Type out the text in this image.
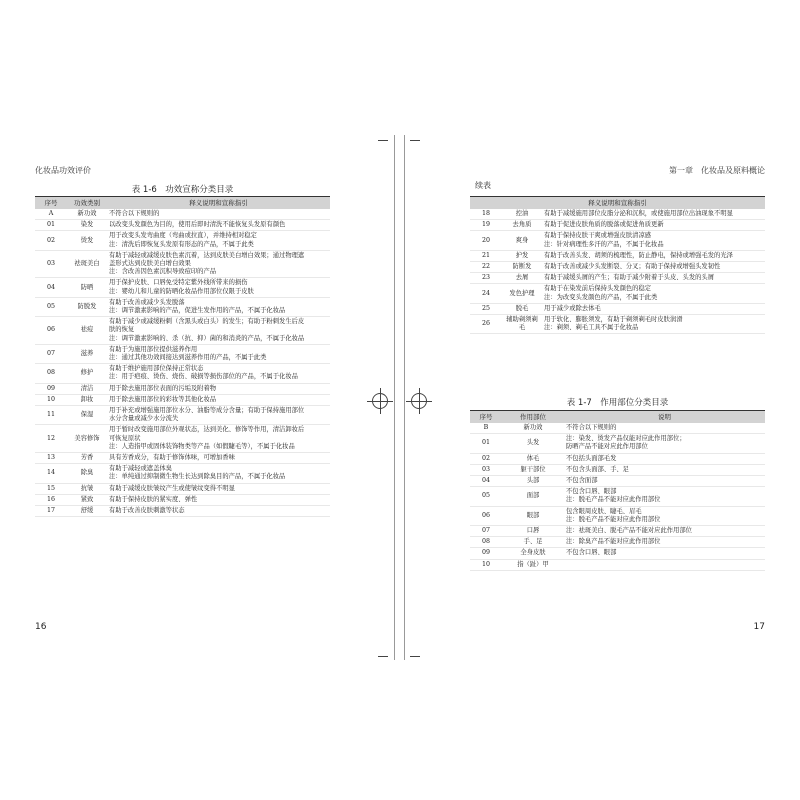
化妆品功效评价
表 1-6　功效宣称分类目录
序号	功效类别	释义说明和宣称指引
A	新功效	不符合以下规则的

01	染发	以改变头发颜色为目的，使用后即时清洗不能恢复头发原有颜色

02	烫发	用于改变头发弯曲度（弯曲或拉直），并维持相对稳定
注：清洗后即恢复头发原有形态的产品，不属于此类

03	祛斑美白	有助于减轻或减缓皮肤色素沉着，达到皮肤美白增白效果；通过物理遮
盖形式达到皮肤美白增白效果
注：含改善因色素沉积导致痘印的产品

04	防晒	用于保护皮肤、口唇免受特定紫外线所带来的损伤
注：婴幼儿和儿童的防晒化妆品作用部位仅限于皮肤

05	防脱发	有助于改善或减少头发脱落
注：调节激素影响的产品，促进生发作用的产品，不属于化妆品

06	祛痘	有助于减少或减缓粉刺（含黑头或白头）的发生；有助于粉刺发生后皮
肤的恢复
注：调节激素影响的、杀（抗、抑）菌的和消炎的产品，不属于化妆品

07	滋养	有助于为施用部位提供滋养作用
注：通过其他功效间接达到滋养作用的产品，不属于此类

08	修护	有助于维护施用部位保持正常状态
注：用于疤痕、烫伤、烧伤、破损等损伤部位的产品，不属于化妆品

09	清洁	用于除去施用部位表面的污垢及附着物

10	卸妆	用于除去施用部位的彩妆等其他化妆品

11	保湿	用于补充或增强施用部位水分、油脂等成分含量；有助于保持施用部位
水分含量或减少水分流失

12	美容修饰	用于暂时改变施用部位外观状态，达到美化、修饰等作用，清洁卸妆后
可恢复原状
注：人造指甲或固体装饰物类等产品（如假睫毛等），不属于化妆品

13	芳香	具有芳香成分，有助于修饰体味，可增加香味

14	除臭	有助于减轻或遮盖体臭
注：单纯通过抑制微生物生长达到除臭目的产品，不属于化妆品

15	抗皱	有助于减缓皮肤皱纹产生或使皱纹变得不明显

16	紧致	有助于保持皮肤的紧实度、弹性

17	舒缓	有助于改善皮肤刺激等状态
16
第一章　化妆品及原料概论
17
续表
释义说明和宣称指引		
18	控油	有助于减缓施用部位皮脂分泌和沉积，或使施用部位出油现象不明显

19	去角质	有助于促进皮肤角质的脱落或促进角质更新

20	爽身	有助于保持皮肤干爽或增强皮肤清凉感
注：针对病理性多汗的产品，不属于化妆品

21	护发	有助于改善头发、胡须的梳理性，防止静电，保持或增强毛发的光泽

22	防断发	有助于改善或减少头发断裂、分叉；有助于保持或增强头发韧性

23	去屑	有助于减缓头屑的产生；有助于减少附着于头皮、头发的头屑

24	发色护理	有助于在染发前后保持头发颜色的稳定
注：为改变头发颜色的产品，不属于此类

25	脱毛	用于减少或除去体毛

26	辅助剃须剃毛	用于软化、膨胀须发，有助于剃须剃毛时皮肤润滑
注：剃须、剃毛工具不属于化妆品
表 1-7　作用部位分类目录
序号	作用部位	说明
B	新功效	不符合以下规则的

01	头发	注：染发、烫发产品仅能对应此作用部位；
防晒产品不能对应此作用部位

02	体毛	不包括头面部毛发

03	躯干部位	不包含头面部、手、足

04	头部	不包含面部

05	面部	不包含口唇、眼部
注：脱毛产品不能对应此作用部位

06	眼部	包含眼周皮肤、睫毛、眉毛
注：脱毛产品不能对应此作用部位

07	口唇	注：祛斑美白、脱毛产品不能对应此作用部位

08	手、足	注：除臭产品不能对应此作用部位

09	全身皮肤	不包含口唇、眼部

10	指（趾）甲	
